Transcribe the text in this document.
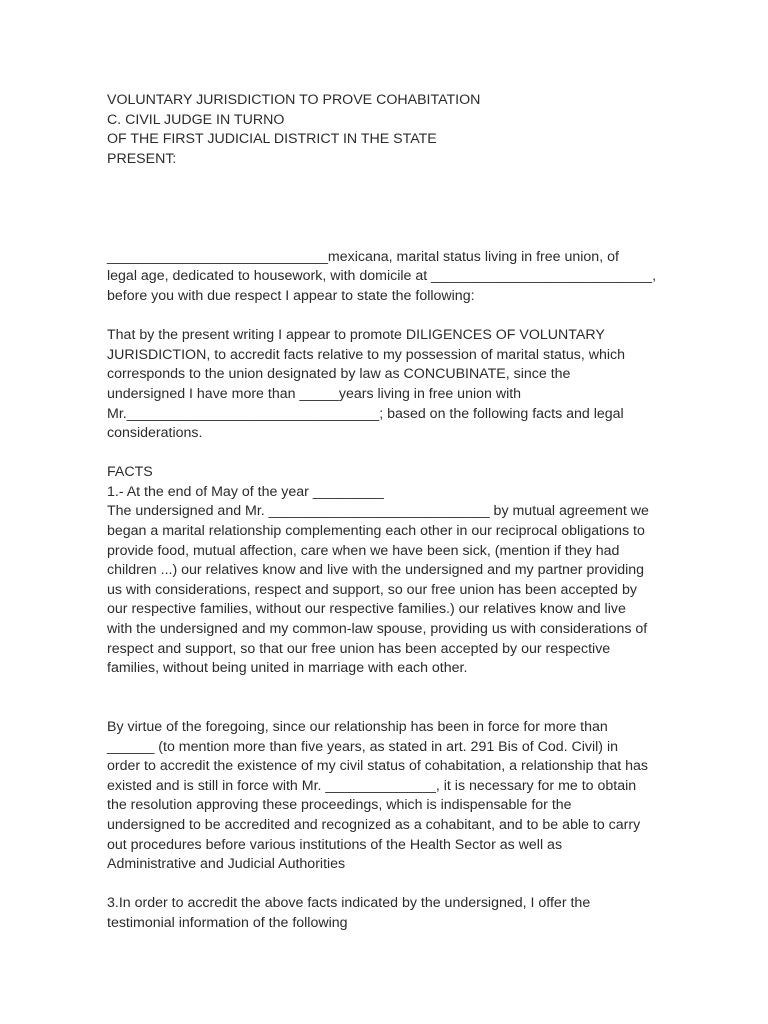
VOLUNTARY JURISDICTION TO PROVE COHABITATION
C. CIVIL JUDGE IN TURNO
OF THE FIRST JUDICIAL DISTRICT IN THE STATE
PRESENT:
____________________________mexicana, marital status living in free union, of
legal age, dedicated to housework, with domicile at ____________________________,
before you with due respect I appear to state the following:
That by the present writing I appear to promote DILIGENCES OF VOLUNTARY
JURISDICTION, to accredit facts relative to my possession of marital status, which
corresponds to the union designated by law as CONCUBINATE, since the
undersigned I have more than _____years living in free union with
Mr.________________________________; based on the following facts and legal
considerations.
FACTS
1.- At the end of May of the year _________
The undersigned and Mr. ____________________________ by mutual agreement we
began a marital relationship complementing each other in our reciprocal obligations to
provide food, mutual affection, care when we have been sick, (mention if they had
children ...) our relatives know and live with the undersigned and my partner providing
us with considerations, respect and support, so our free union has been accepted by
our respective families, without our respective families.) our relatives know and live
with the undersigned and my common-law spouse, providing us with considerations of
respect and support, so that our free union has been accepted by our respective
families, without being united in marriage with each other.
By virtue of the foregoing, since our relationship has been in force for more than
______ (to mention more than five years, as stated in art. 291 Bis of Cod. Civil) in
order to accredit the existence of my civil status of cohabitation, a relationship that has
existed and is still in force with Mr. ______________, it is necessary for me to obtain
the resolution approving these proceedings, which is indispensable for the
undersigned to be accredited and recognized as a cohabitant, and to be able to carry
out procedures before various institutions of the Health Sector as well as
Administrative and Judicial Authorities
3.In order to accredit the above facts indicated by the undersigned, I offer the
testimonial information of the following
